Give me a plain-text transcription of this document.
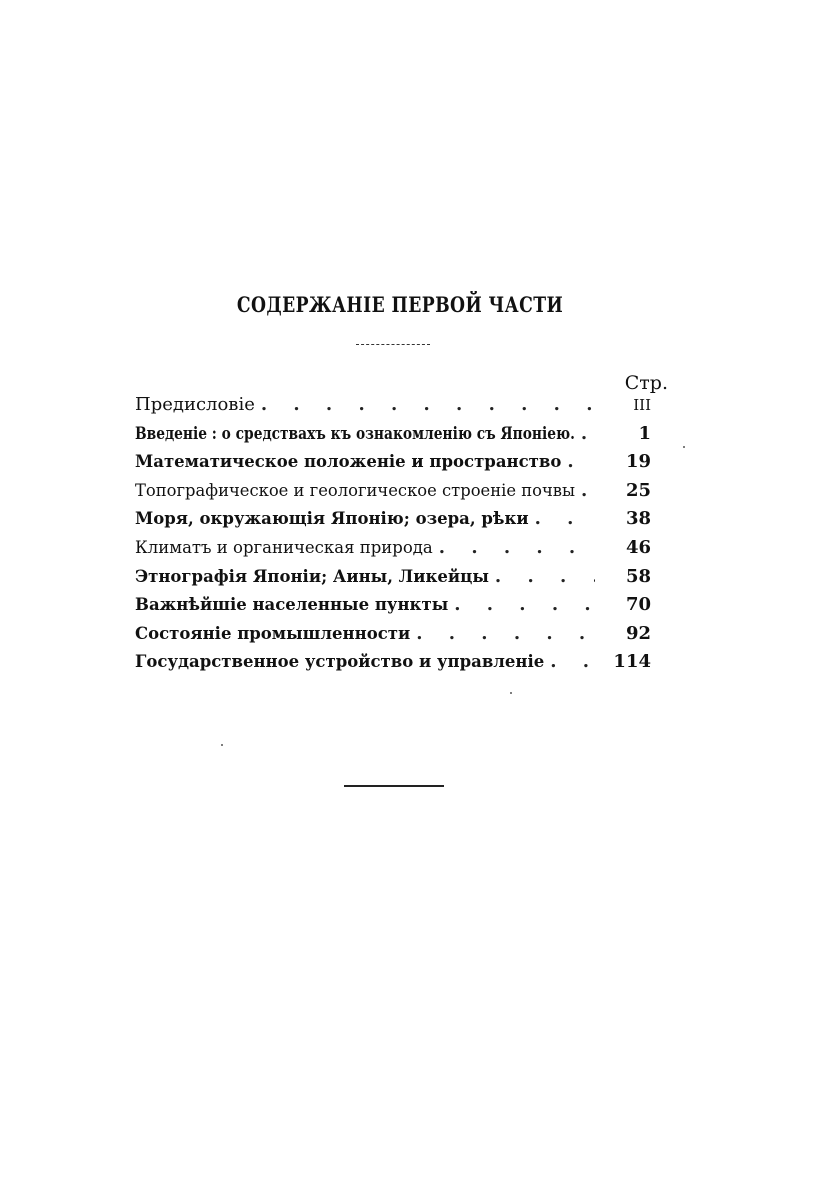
СОДЕРЖАНІЕ ПЕРВОЙ ЧАСТИ
Стр.
Предисловіе . . .	III
Введеніе : о средствахъ къ ознакомленію съ Японіею. . . .	1
Математическое положеніе и пространство . . .	19
Топографическое и геологическое строеніе почвы . . .	25
Моря, окружающія Японію; озера, рѣки . . .	38
Климатъ и органическая природа . . .	46
Этнографія Японіи; Аины, Ликейцы . . .	58
Важнѣйшіе населенные пункты . . .	70
Состояніе промышленности . . .	92
Государственное устройство и управленіе . . .	114
